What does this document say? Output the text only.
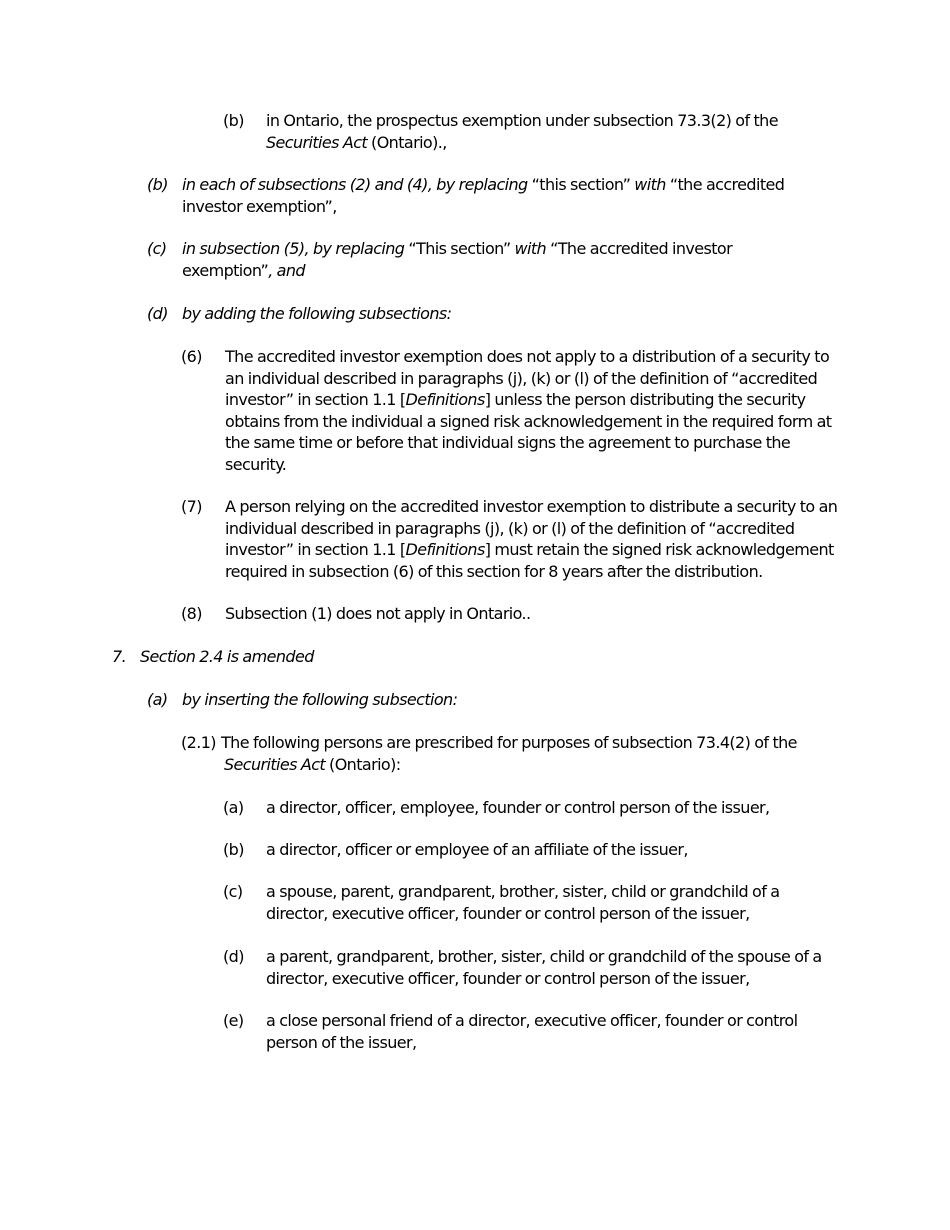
(b) in Ontario, the prospectus exemption under subsection 73.3(2) of the Securities Act (Ontario).,
(b) in each of subsections (2) and (4), by replacing “this section” with “the accredited investor exemption”,
(c) in subsection (5), by replacing “This section” with “The accredited investor exemption”, and
(d) by adding the following subsections:
(6) The accredited investor exemption does not apply to a distribution of a security to an individual described in paragraphs (j), (k) or (l) of the definition of “accredited investor” in section 1.1 [Definitions] unless the person distributing the security obtains from the individual a signed risk acknowledgement in the required form at the same time or before that individual signs the agreement to purchase the security.
(7) A person relying on the accredited investor exemption to distribute a security to an individual described in paragraphs (j), (k) or (l) of the definition of “accredited investor” in section 1.1 [Definitions] must retain the signed risk acknowledgement required in subsection (6) of this section for 8 years after the distribution.
(8) Subsection (1) does not apply in Ontario..
7. Section 2.4 is amended
(a) by inserting the following subsection:
(2.1) The following persons are prescribed for purposes of subsection 73.4(2) of the
Securities Act (Ontario):
(a) a director, officer, employee, founder or control person of the issuer,
(b) a director, officer or employee of an affiliate of the issuer,
(c) a spouse, parent, grandparent, brother, sister, child or grandchild of a director, executive officer, founder or control person of the issuer,
(d) a parent, grandparent, brother, sister, child or grandchild of the spouse of a director, executive officer, founder or control person of the issuer,
(e) a close personal friend of a director, executive officer, founder or control person of the issuer,
